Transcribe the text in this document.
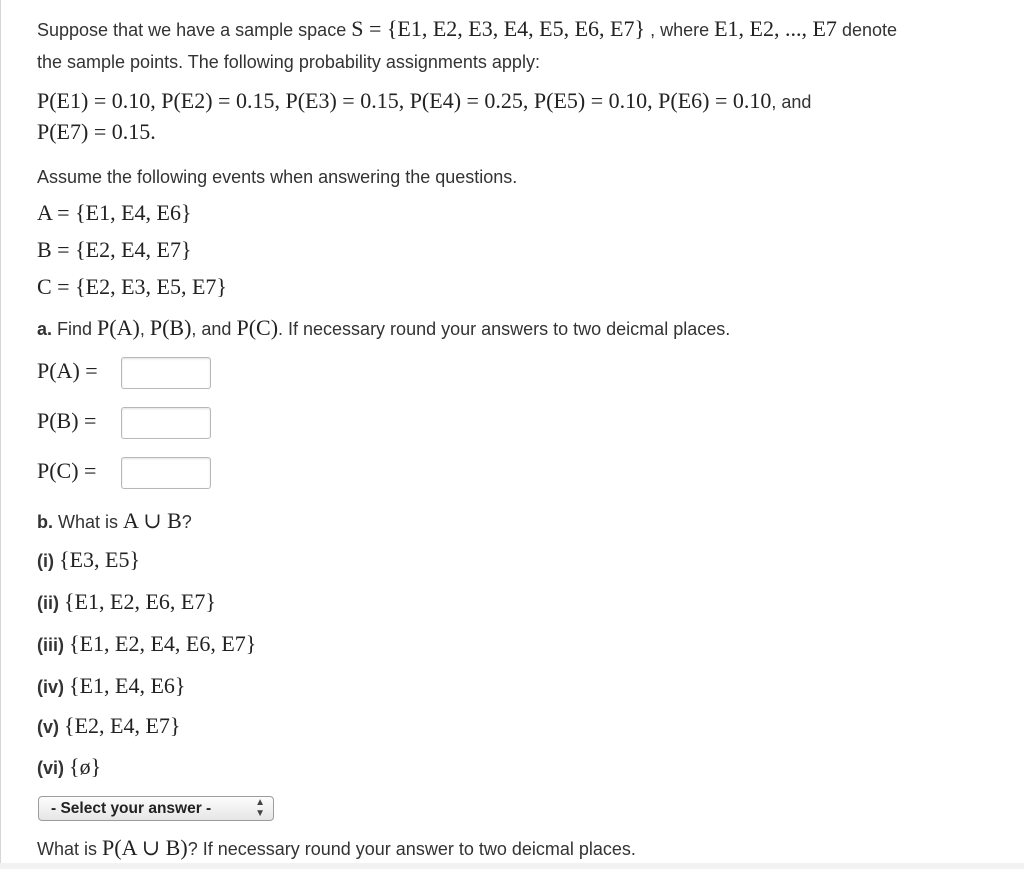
Suppose that we have a sample space S = {E1, E2, E3, E4, E5, E6, E7} , where E1, E2, ..., E7 denote
the sample points. The following probability assignments apply:
P(E1) = 0.10, P(E2) = 0.15, P(E3) = 0.15, P(E4) = 0.25, P(E5) = 0.10, P(E6) = 0.10, and
P(E7) = 0.15.
Assume the following events when answering the questions.
A = {E1, E4, E6}
B = {E2, E4, E7}
C = {E2, E3, E5, E7}
a. Find P(A), P(B), and P(C). If necessary round your answers to two deicmal places.
P(A) =
P(B) =
P(C) =
b. What is A ∪ B?
(i) {E3, E5}
(ii) {E1, E2, E6, E7}
(iii) {E1, E2, E4, E6, E7}
(iv) {E1, E4, E6}
(v) {E2, E4, E7}
(vi) {ø}
- Select your answer -	▲
▼
What is P(A ∪ B)? If necessary round your answer to two deicmal places.
